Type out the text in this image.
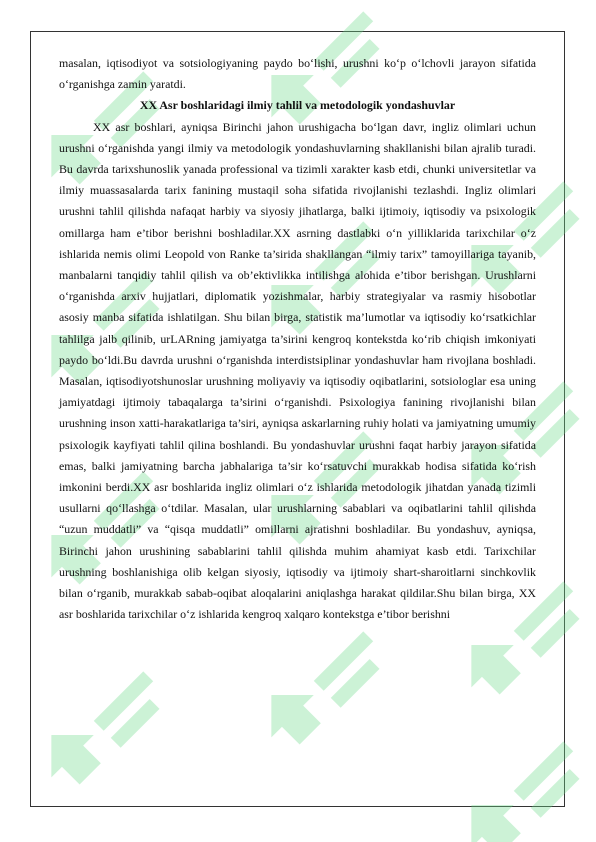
masalan, iqtisodiyot va sotsiologiyaning paydo bo‘lishi, urushni ko‘p o‘lchovli jarayon sifatida o‘rganishga zamin yaratdi.

XX Asr boshlaridagi ilmiy tahlil va metodologik yondashuvlar

XX asr boshlari, ayniqsa Birinchi jahon urushigacha bo‘lgan davr, ingliz olimlari uchun urushni o‘rganishda yangi ilmiy va metodologik yondashuvlarning shakllanishi bilan ajralib turadi. Bu davrda tarixshunoslik yanada professional va tizimli xarakter kasb etdi, chunki universitetlar va ilmiy muassasalarda tarix fanining mustaqil soha sifatida rivojlanishi tezlashdi. Ingliz olimlari urushni tahlil qilishda nafaqat harbiy va siyosiy jihatlarga, balki ijtimoiy, iqtisodiy va psixologik omillarga ham e’tibor berishni boshladilar.XX asrning dastlabki o‘n yilliklarida tarixchilar o‘z ishlarida nemis olimi Leopold von Ranke ta’sirida shakllangan “ilmiy tarix” tamoyillariga tayanib, manbalarni tanqidiy tahlil qilish va ob’ektivlikka intilishga alohida e’tibor berishgan. Urushlarni o‘rganishda arxiv hujjatlari, diplomatik yozishmalar, harbiy strategiyalar va rasmiy hisobotlar asosiy manba sifatida ishlatilgan. Shu bilan birga, statistik ma’lumotlar va iqtisodiy ko‘rsatkichlar tahlilga jalb qilinib, urLARning jamiyatga ta’sirini kengroq kontekstda ko‘rib chiqish imkoniyati paydo bo‘ldi.Bu davrda urushni o‘rganishda interdistsiplinar yondashuvlar ham rivojlana boshladi. Masalan, iqtisodiyotshunoslar urushning moliyaviy va iqtisodiy oqibatlarini, sotsiologlar esa uning jamiyatdagi ijtimoiy tabaqalarga ta’sirini o‘rganishdi. Psixologiya fanining rivojlanishi bilan urushning inson xatti-harakatlariga ta’siri, ayniqsa askarlarning ruhiy holati va jamiyatning umumiy psixologik kayfiyati tahlil qilina boshlandi. Bu yondashuvlar urushni faqat harbiy jarayon sifatida emas, balki jamiyatning barcha jabhalariga ta’sir ko‘rsatuvchi murakkab hodisa sifatida ko‘rish imkonini berdi.XX asr boshlarida ingliz olimlari o‘z ishlarida metodologik jihatdan yanada tizimli usullarni qo‘llashga o‘tdilar. Masalan, ular urushlarning sabablari va oqibatlarini tahlil qilishda “uzun muddatli” va “qisqa muddatli” omillarni ajratishni boshladilar. Bu yondashuv, ayniqsa, Birinchi jahon urushining sabablarini tahlil qilishda muhim ahamiyat kasb etdi. Tarixchilar urushning boshlanishiga olib kelgan siyosiy, iqtisodiy va ijtimoiy shart-sharoitlarni sinchkovlik bilan o‘rganib, murakkab sabab-oqibat aloqalarini aniqlashga harakat qildilar.Shu bilan birga, XX asr boshlarida tarixchilar o‘z ishlarida kengroq xalqaro kontekstga e’tibor berishni
